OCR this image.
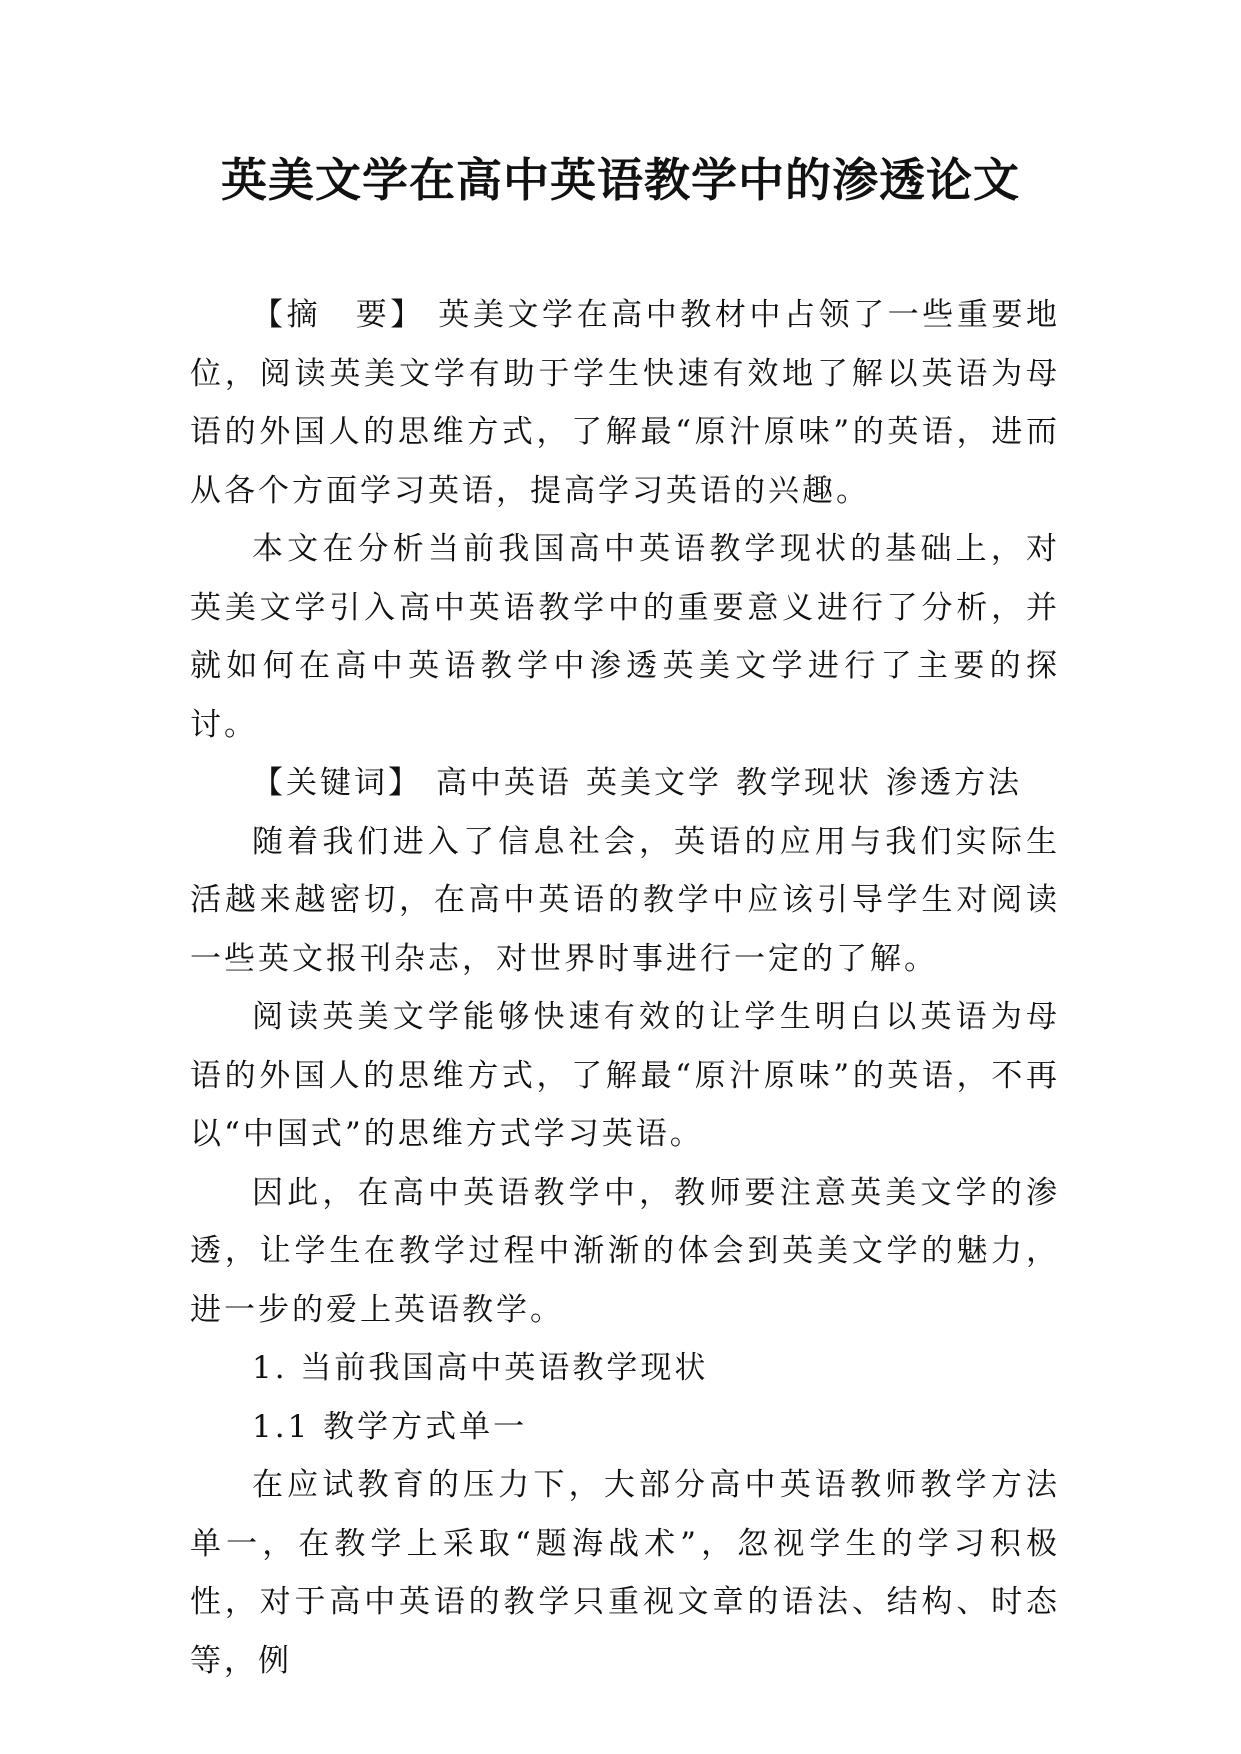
英美文学在高中英语教学中的渗透论文

【摘　要】 英美文学在高中教材中占领了一些重要地位，阅读英美文学有助于学生快速有效地了解以英语为母语的外国人的思维方式，了解最“原汁原味”的英语，进而从各个方面学习英语，提高学习英语的兴趣。

本文在分析当前我国高中英语教学现状的基础上，对英美文学引入高中英语教学中的重要意义进行了分析，并就如何在高中英语教学中渗透英美文学进行了主要的探讨。

【关键词】 高中英语 英美文学 教学现状 渗透方法

随着我们进入了信息社会，英语的应用与我们实际生活越来越密切，在高中英语的教学中应该引导学生对阅读一些英文报刊杂志，对世界时事进行一定的了解。

阅读英美文学能够快速有效的让学生明白以英语为母语的外国人的思维方式，了解最“原汁原味”的英语，不再以“中国式”的思维方式学习英语。

因此，在高中英语教学中，教师要注意英美文学的渗透，让学生在教学过程中渐渐的体会到英美文学的魅力，进一步的爱上英语教学。

1. 当前我国高中英语教学现状

1.1 教学方式单一

在应试教育的压力下，大部分高中英语教师教学方法单一，在教学上采取“题海战术”，忽视学生的学习积极性，对于高中英语的教学只重视文章的语法、结构、时态等，例
